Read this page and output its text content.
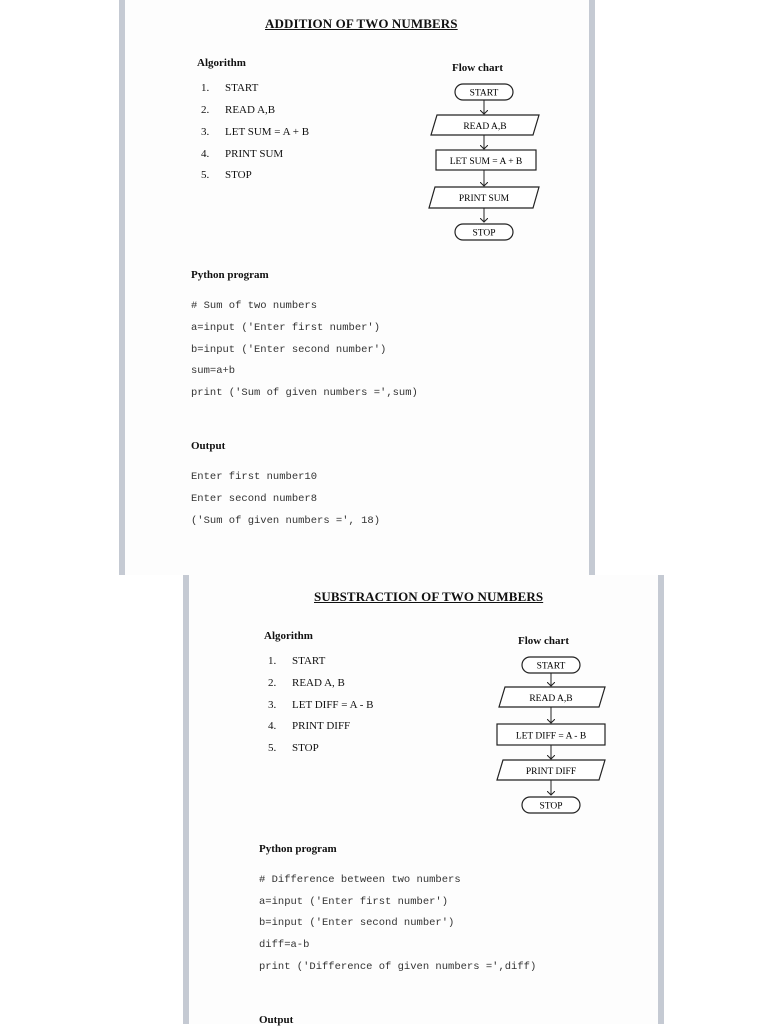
ADDITION OF TWO NUMBERS
Algorithm
1. START
2. READ A,B
3. LET SUM = A + B
4. PRINT SUM
5. STOP
Flow chart
START
READ A,B
LET SUM = A + B
PRINT SUM
STOP
Python program
# Sum of two numbers
a=input ('Enter first number')
b=input ('Enter second number')
sum=a+b
print ('Sum of given numbers =',sum)
Output
Enter first number10
Enter second number8
('Sum of given numbers =', 18)
SUBSTRACTION OF TWO NUMBERS
Algorithm
1. START
2. READ A, B
3. LET DIFF = A - B
4. PRINT DIFF
5. STOP
Flow chart
START
READ A,B
LET DIFF = A - B
PRINT DIFF
STOP
Python program
# Difference between two numbers
a=input ('Enter first number')
b=input ('Enter second number')
diff=a-b
print ('Difference of given numbers =',diff)
Output
